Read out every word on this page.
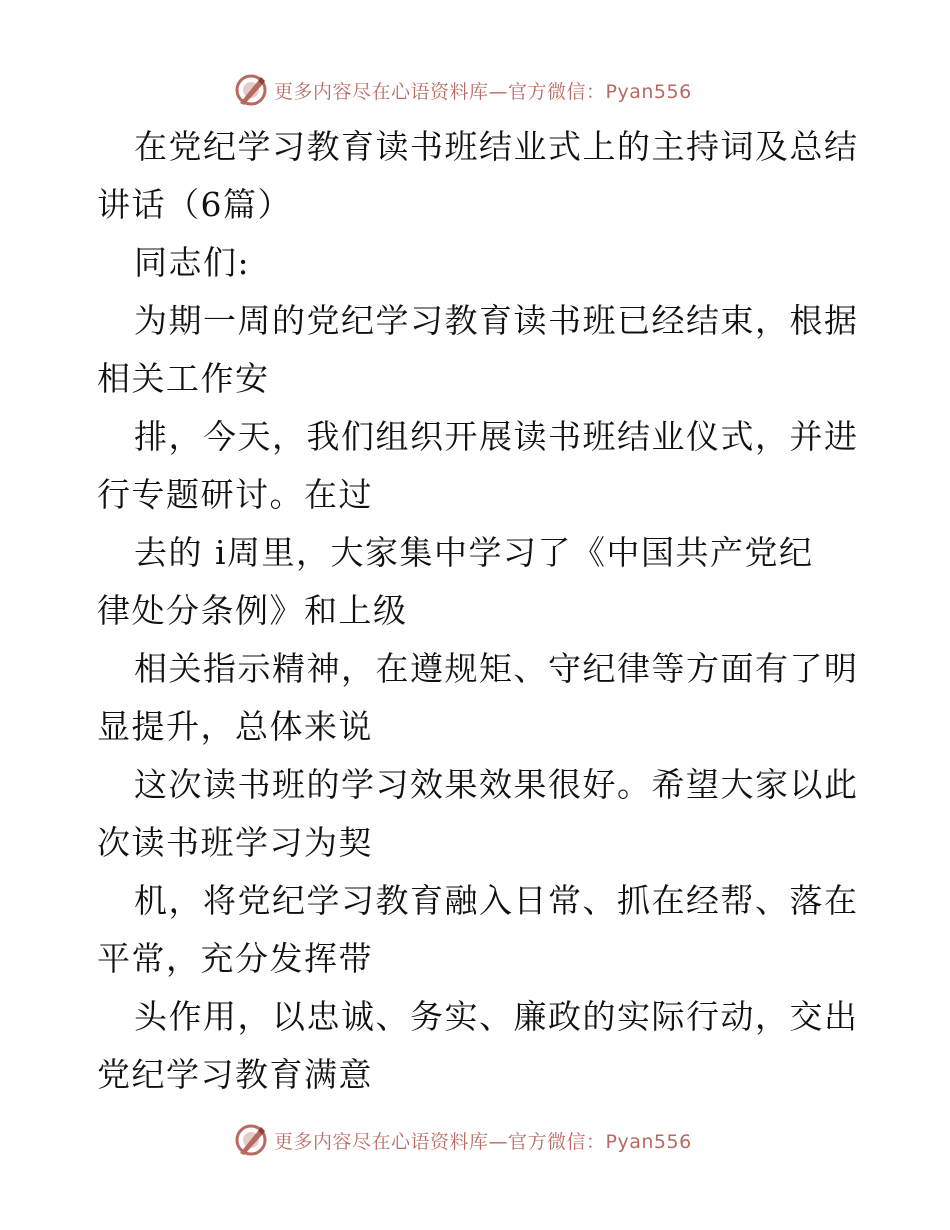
更多内容尽在心语资料库—官方微信：Pyan556
在党纪学习教育读书班结业式上的主持词及总结
讲话（6篇）
同志们:
为期一周的党纪学习教育读书班已经结束，根据
相关工作安
排，今天，我们组织开展读书班结业仪式，并进
行专题研讨。在过
去的 i周里，大家集中学习了《中国共产党纪
律处分条例》和上级
相关指示精神，在遵规矩、守纪律等方面有了明
显提升，总体来说
这次读书班的学习效果效果很好。希望大家以此
次读书班学习为契
机，将党纪学习教育融入日常、抓在经帮、落在
平常，充分发挥带
头作用，以忠诚、务实、廉政的实际行动，交出
党纪学习教育满意
更多内容尽在心语资料库—官方微信：Pyan556
